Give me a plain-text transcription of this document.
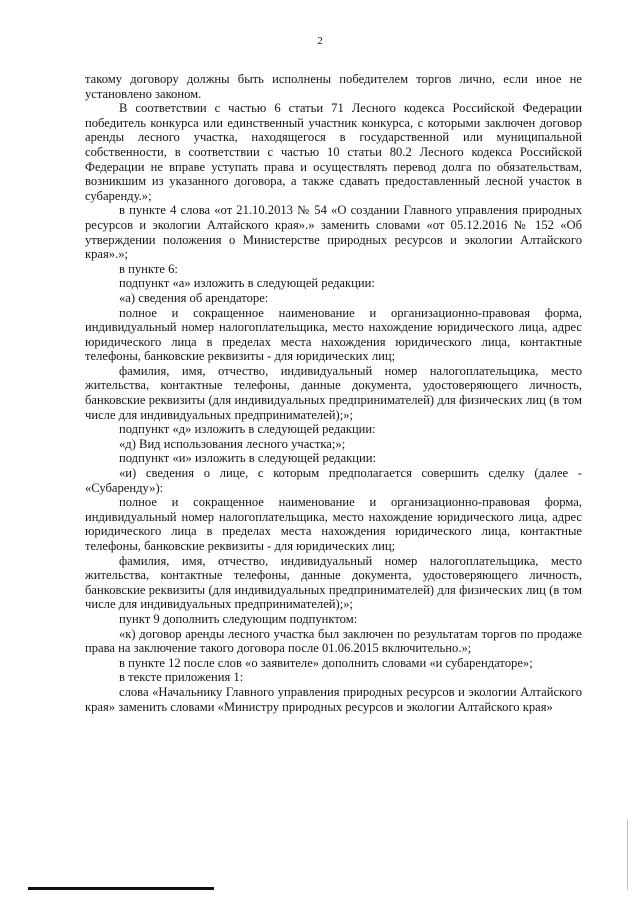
2

такому договору должны быть исполнены победителем торгов лично, если иное не установлено законом.

В соответствии с частью 6 статьи 71 Лесного кодекса Российской Федерации победитель конкурса или единственный участник конкурса, с которыми заключен договор аренды лесного участка, находящегося в государственной или муниципальной собственности, в соответствии с частью 10 статьи 80.2 Лесного кодекса Российской Федерации не вправе уступать права и осуществлять перевод долга по обязательствам, возникшим из указанного договора, а также сдавать предоставленный лесной участок в субаренду.»;

в пункте 4 слова «от 21.10.2013 № 54 «О создании Главного управления природных ресурсов и экологии Алтайского края».» заменить словами «от 05.12.2016 № 152 «Об утверждении положения о Министерстве природных ресурсов и экологии Алтайского края».»;

в пункте 6:

подпункт «а» изложить в следующей редакции:

«а) сведения об арендаторе:

полное и сокращенное наименование и организационно-правовая форма, индивидуальный номер налогоплательщика, место нахождение юридического лица, адрес юридического лица в пределах места нахождения юридического лица, контактные телефоны, банковские реквизиты - для юридических лиц;

фамилия, имя, отчество, индивидуальный номер налогоплательщика, место жительства, контактные телефоны, данные документа, удостоверяющего личность, банковские реквизиты (для индивидуальных предпринимателей) для физических лиц (в том числе для индивидуальных предпринимателей);»;

подпункт «д» изложить в следующей редакции:

«д) Вид использования лесного участка;»;

подпункт «и» изложить в следующей редакции:

«и) сведения о лице, с которым предполагается совершить сделку (далее - «Субаренду»):

полное и сокращенное наименование и организационно-правовая форма, индивидуальный номер налогоплательщика, место нахождение юридического лица, адрес юридического лица в пределах места нахождения юридического лица, контактные телефоны, банковские реквизиты - для юридических лиц;

фамилия, имя, отчество, индивидуальный номер налогоплательщика, место жительства, контактные телефоны, данные документа, удостоверяющего личность, банковские реквизиты (для индивидуальных предпринимателей) для физических лиц (в том числе для индивидуальных предпринимателей);»;

пункт 9 дополнить следующим подпунктом:

«к) договор аренды лесного участка был заключен по результатам торгов по продаже права на заключение такого договора после 01.06.2015 включительно.»;

в пункте 12 после слов «о заявителе» дополнить словами «и субарендаторе»;

в тексте приложения 1:

слова «Начальнику Главного управления природных ресурсов и экологии Алтайского края» заменить словами «Министру природных ресурсов и экологии Алтайского края»
